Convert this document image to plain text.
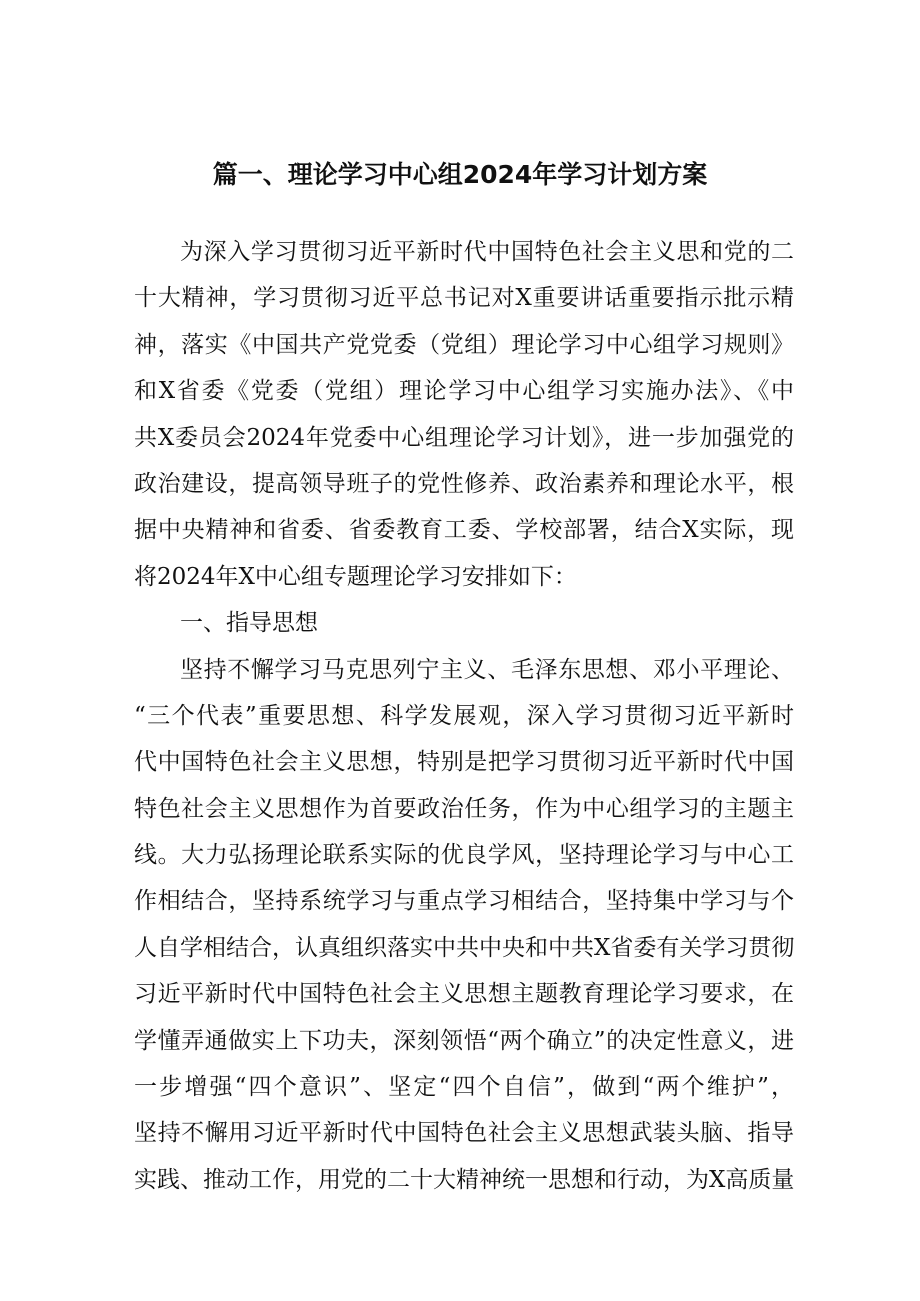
篇一、理论学习中心组2024年学习计划方案
为深入学习贯彻习近平新时代中国特色社会主义思和党的二
十大精神，学习贯彻习近平总书记对X重要讲话重要指示批示精
神，落实《中国共产党党委（党组）理论学习中心组学习规则》
和X省委《党委（党组）理论学习中心组学习实施办法》、《中
共X委员会2024年党委中心组理论学习计划》，进一步加强党的
政治建设，提高领导班子的党性修养、政治素养和理论水平，根
据中央精神和省委、省委教育工委、学校部署，结合X实际，现
将2024年X中心组专题理论学习安排如下：
一、指导思想
坚持不懈学习马克思列宁主义、毛泽东思想、邓小平理论、
“三个代表”重要思想、科学发展观，深入学习贯彻习近平新时
代中国特色社会主义思想，特别是把学习贯彻习近平新时代中国
特色社会主义思想作为首要政治任务，作为中心组学习的主题主
线。大力弘扬理论联系实际的优良学风，坚持理论学习与中心工
作相结合，坚持系统学习与重点学习相结合，坚持集中学习与个
人自学相结合，认真组织落实中共中央和中共X省委有关学习贯彻
习近平新时代中国特色社会主义思想主题教育理论学习要求，在
学懂弄通做实上下功夫，深刻领悟“两个确立”的决定性意义，进
一步增强“四个意识”、坚定“四个自信”，做到“两个维护”，
坚持不懈用习近平新时代中国特色社会主义思想武装头脑、指导
实践、推动工作，用党的二十大精神统一思想和行动，为X高质量
